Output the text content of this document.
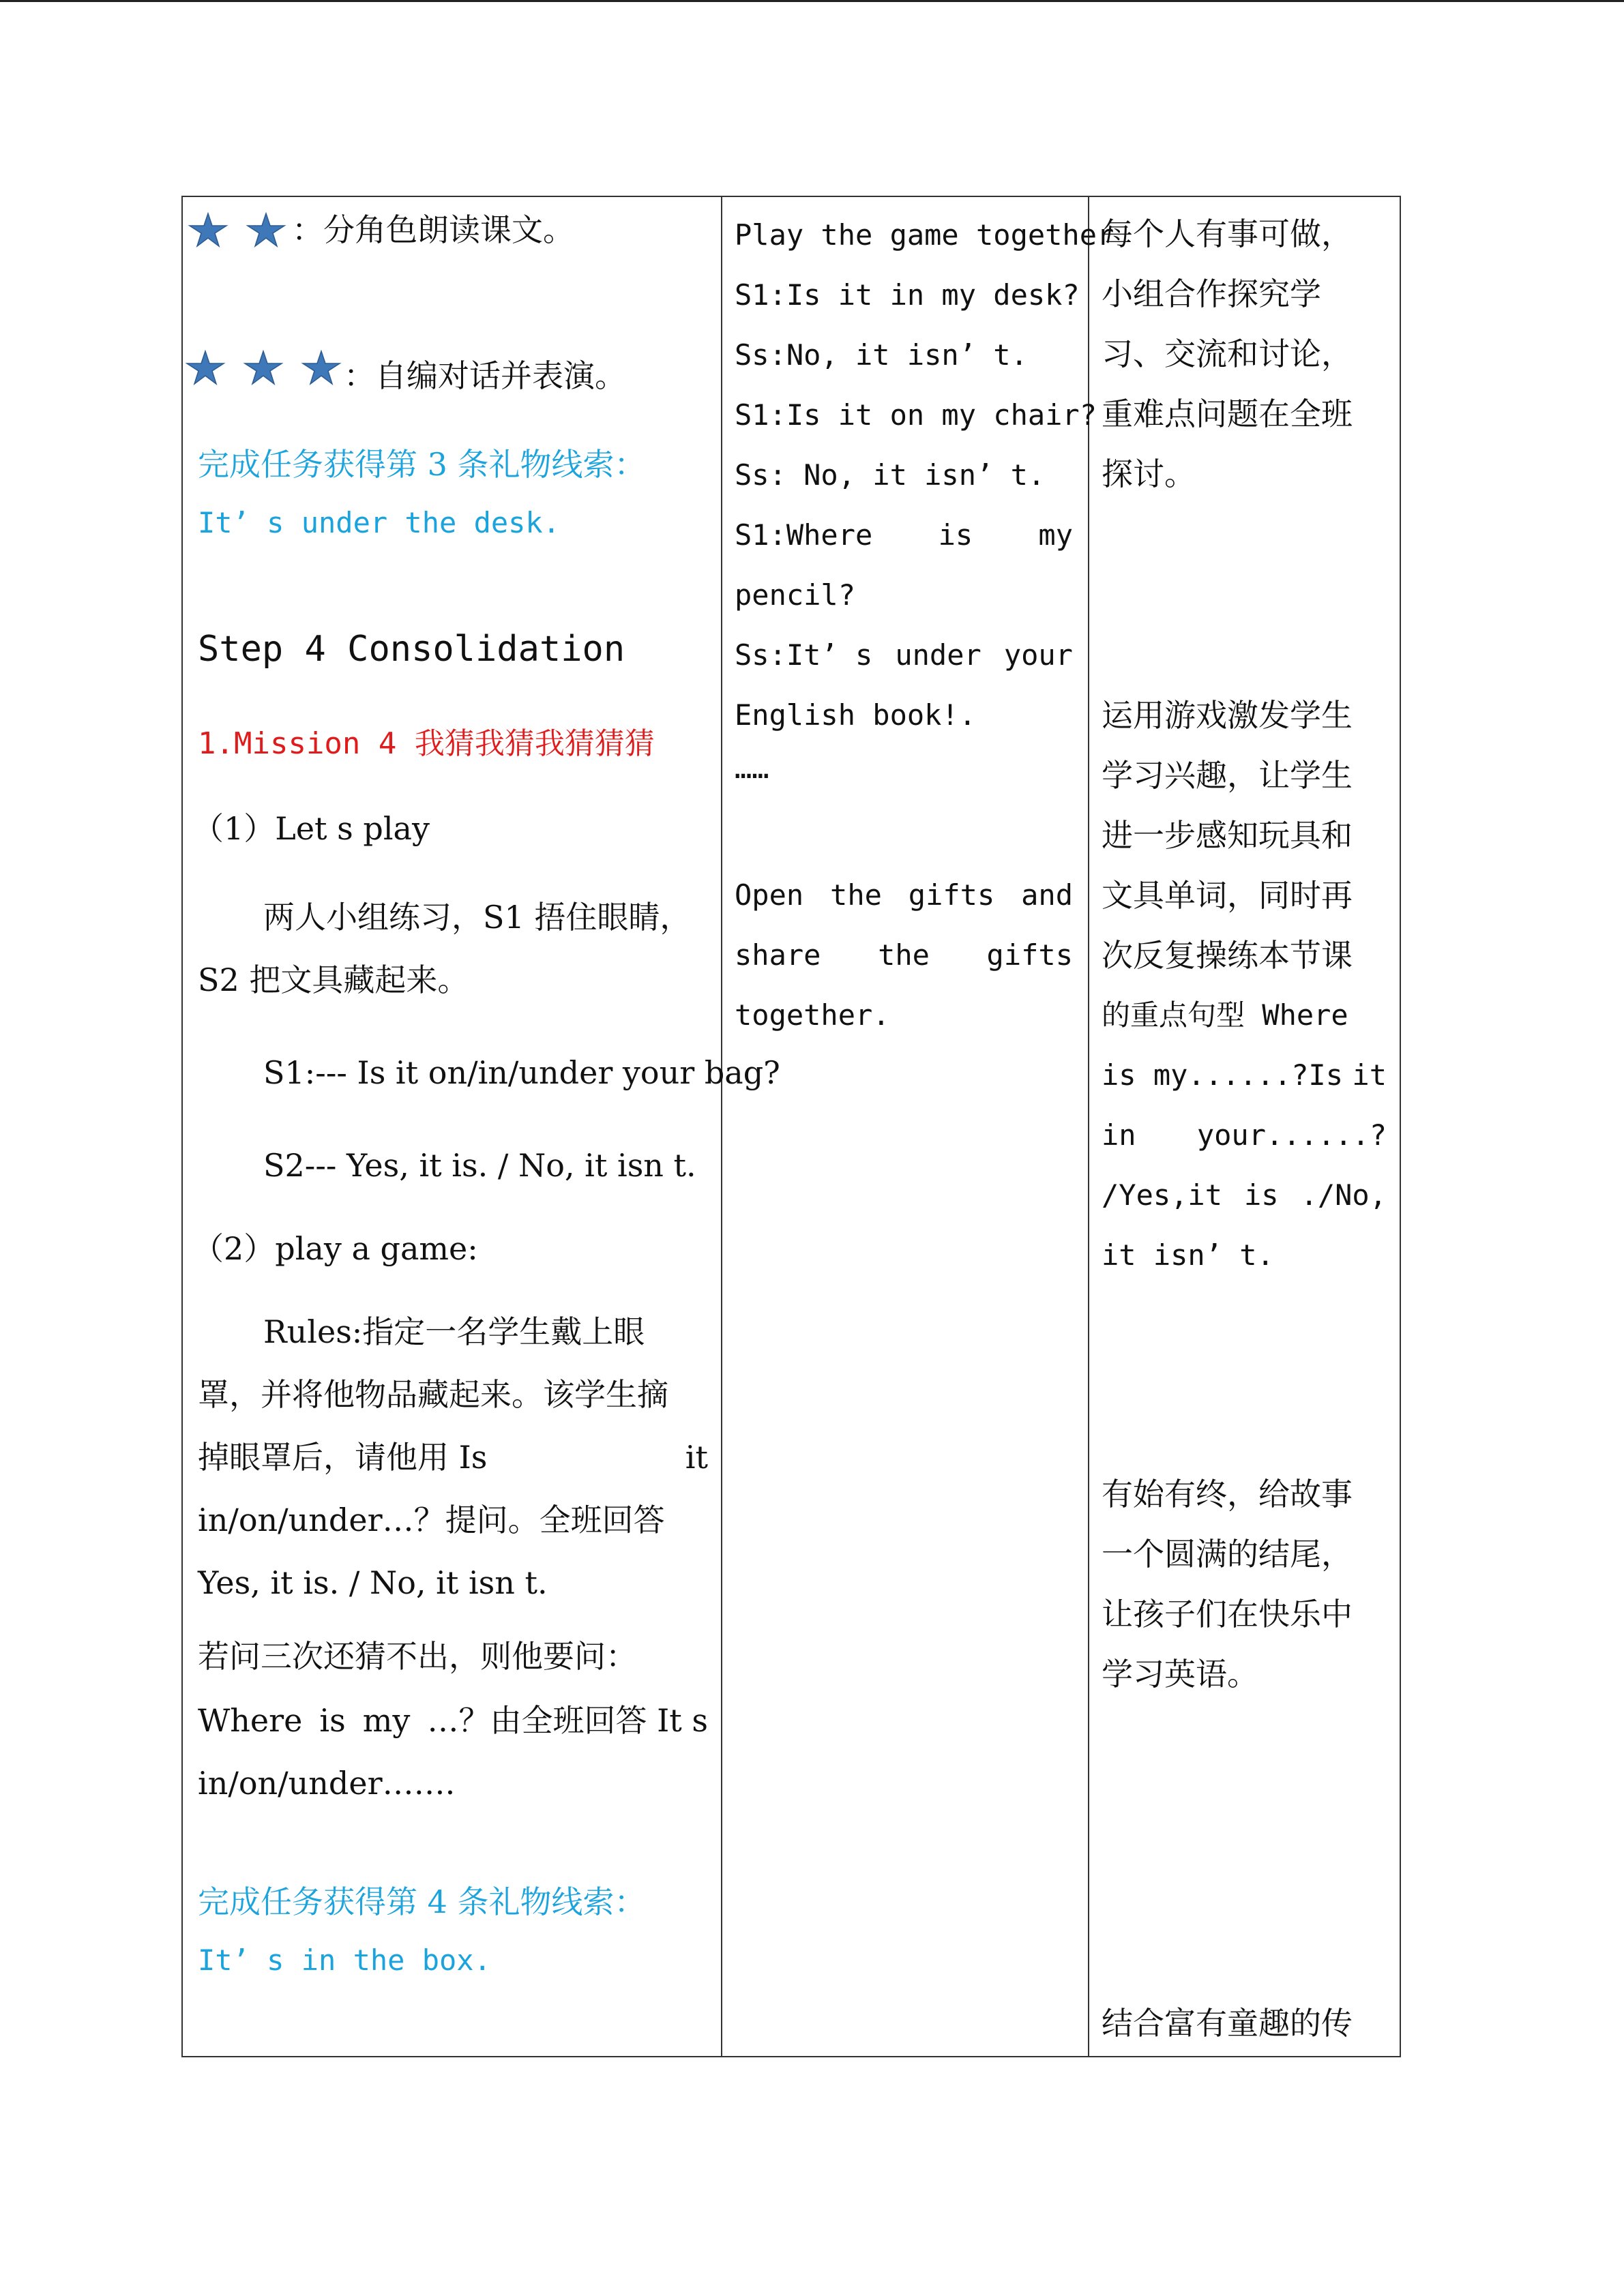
：分角色朗读课文。

：自编对话并表演。
完成任务获得第 3 条礼物线索：
It’ s under the desk.
Step 4 Consolidation
1.Mission 4 我猜我猜我猜猜猜
（1）Let s play
两人小组练习，S1 捂住眼睛，
S2 把文具藏起来。
S1:--- Is it on/in/under your bag?
S2--- Yes, it is. / No, it isn t.
（2）play a game:
Rules:指定一名学生戴上眼
罩，并将他物品藏起来。该学生摘
掉眼罩后，请他用 Is	it
in/on/under…？提问。全班回答
Yes, it is. / No, it isn t.
若问三次还猜不出，则他要问：
Where is my …？由全班回答 It s
in/on/under…….
完成任务获得第 4 条礼物线索：
It’ s in the box.
Play the game together
S1:Is it in my desk?
Ss:No, it isn’ t.
S1:Is it on my chair?
Ss: No, it isn’ t.
S1:Where is my
pencil?
Ss:It’ s under your
English book!.
……
Open the gifts and
share the gifts
together.
每个人有事可做，
小组合作探究学
习、交流和讨论，
重难点问题在全班
探讨。
运用游戏激发学生
学习兴趣，让学生
进一步感知玩具和
文具单词，同时再
次反复操练本节课
的重点句型 Where
is my......?Is it
in your......?
/Yes,it is ./No,
it isn’ t.
有始有终，给故事
一个圆满的结尾，
让孩子们在快乐中
学习英语。
结合富有童趣的传
